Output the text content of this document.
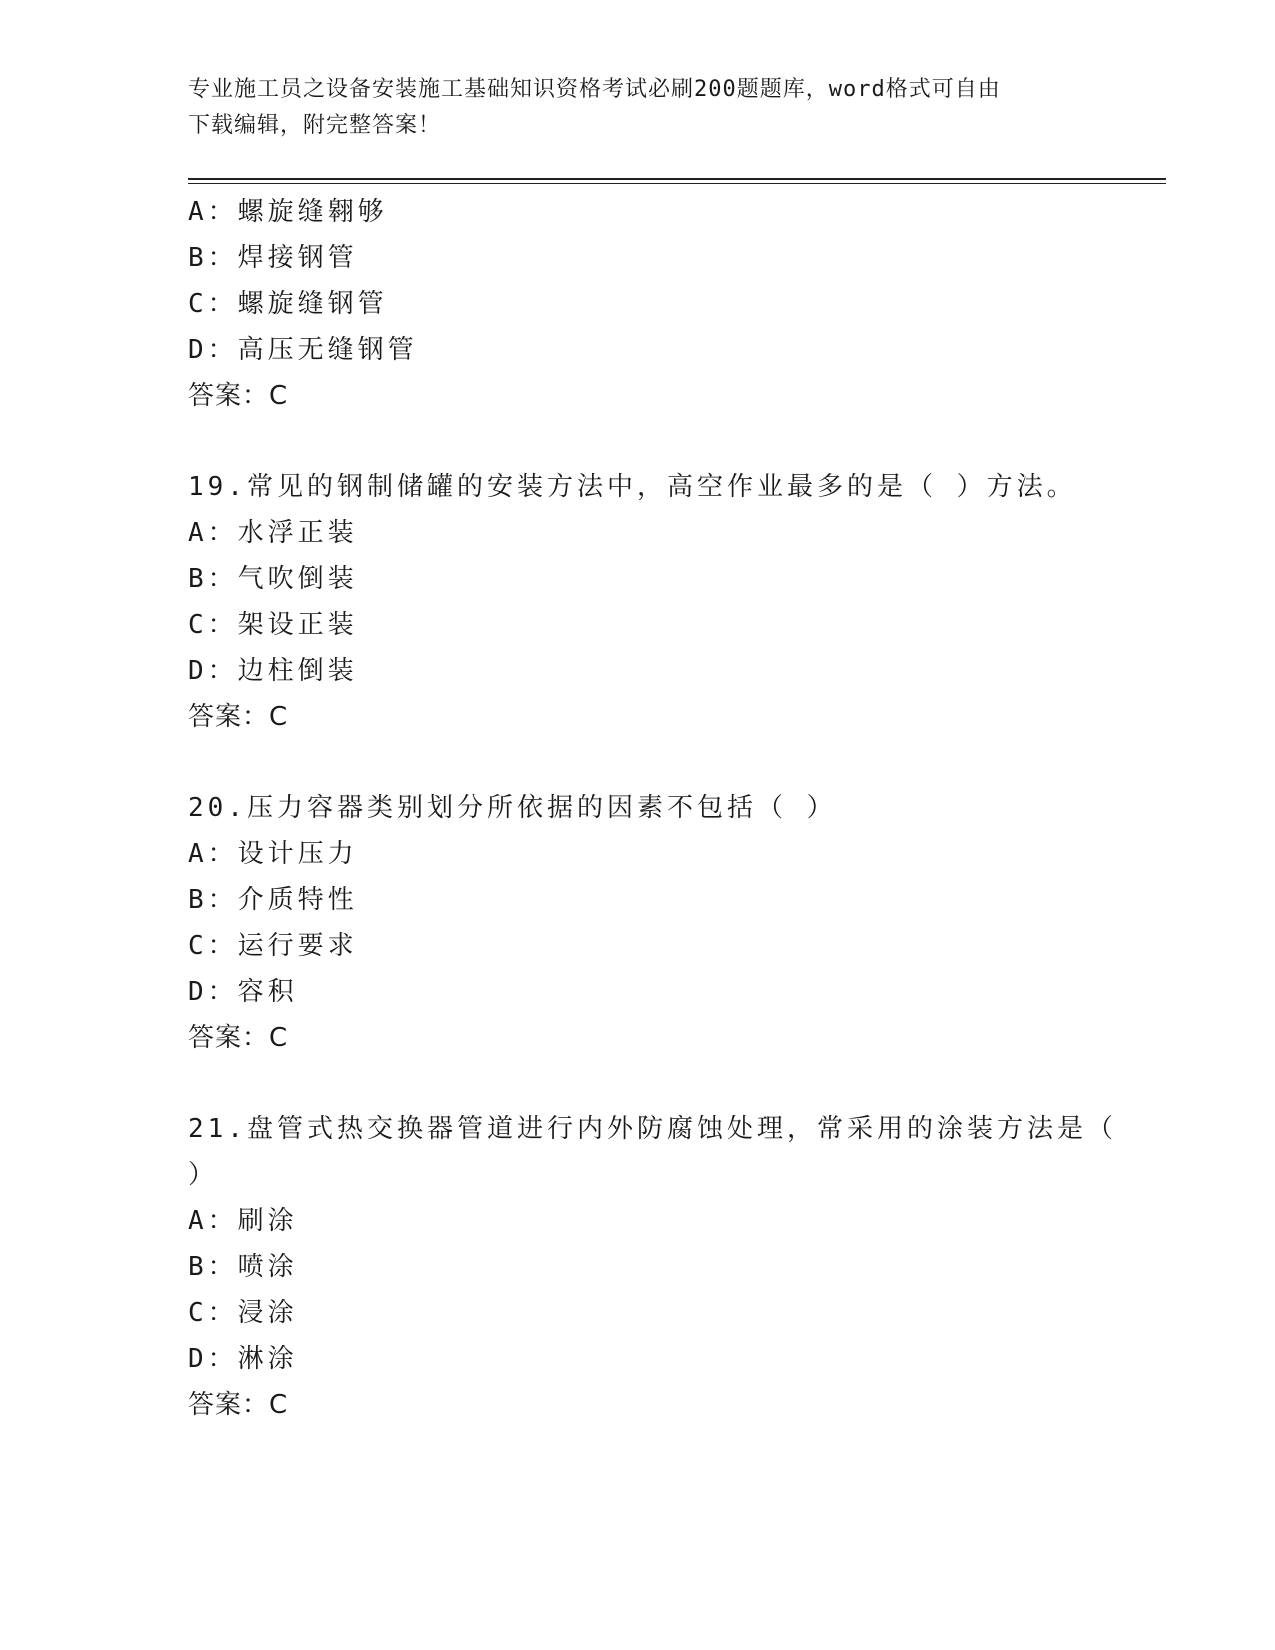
专业施工员之设备安装施工基础知识资格考试必刷200题题库，word格式可自由
下载编辑，附完整答案！
A：螺旋缝翱够
B：焊接钢管
C：螺旋缝钢管
D：高压无缝钢管
答案：C
19.常见的钢制储罐的安装方法中，高空作业最多的是（ ）方法。
A：水浮正装
B：气吹倒装
C：架设正装
D：边柱倒装
答案：C
20.压力容器类别划分所依据的因素不包括（ ）
A：设计压力
B：介质特性
C：运行要求
D：容积
答案：C
21.盘管式热交换器管道进行内外防腐蚀处理，常采用的涂装方法是（
）
A：刷涂
B：喷涂
C：浸涂
D：淋涂
答案：C
